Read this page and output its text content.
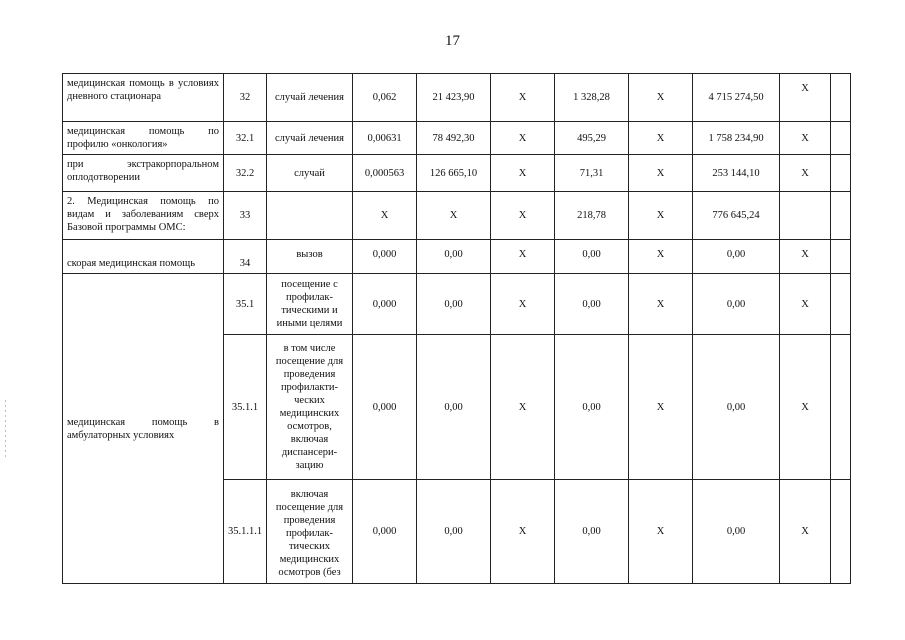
17
медицинская помощь в условиях дневного стационара	32	случай лечения	0,062	21 423,90	X	1 328,28	X	4 715 274,50	X	
медицинская помощь по профилю «онкология»	32.1	случай лечения	0,00631	78 492,30	X	495,29	X	1 758 234,90	X	
при экстракорпоральном оплодотворении	32.2	случай	0,000563	126 665,10	X	71,31	X	253 144,10	X	
2. Медицинская помощь по видам и заболеваниям сверх Базовой программы ОМС:	33		X	X	X	218,78	X	776 645,24		
скорая медицинская помощь	34	вызов	0,000	0,00	X	0,00	X	0,00	X	
медицинская помощь в амбулаторных условиях	35.1	посещение с профилак-тическими и иными целями	0,000	0,00	X	0,00	X	0,00	X	
	35.1.1	в том числе посещение для проведения профилакти-ческих медицинских осмотров, включая диспансери-зацию	0,000	0,00	X	0,00	X	0,00	X	
	35.1.1.1	включая посещение для проведения профилак-тических медицинских осмотров (без	0,000	0,00	X	0,00	X	0,00	X	
